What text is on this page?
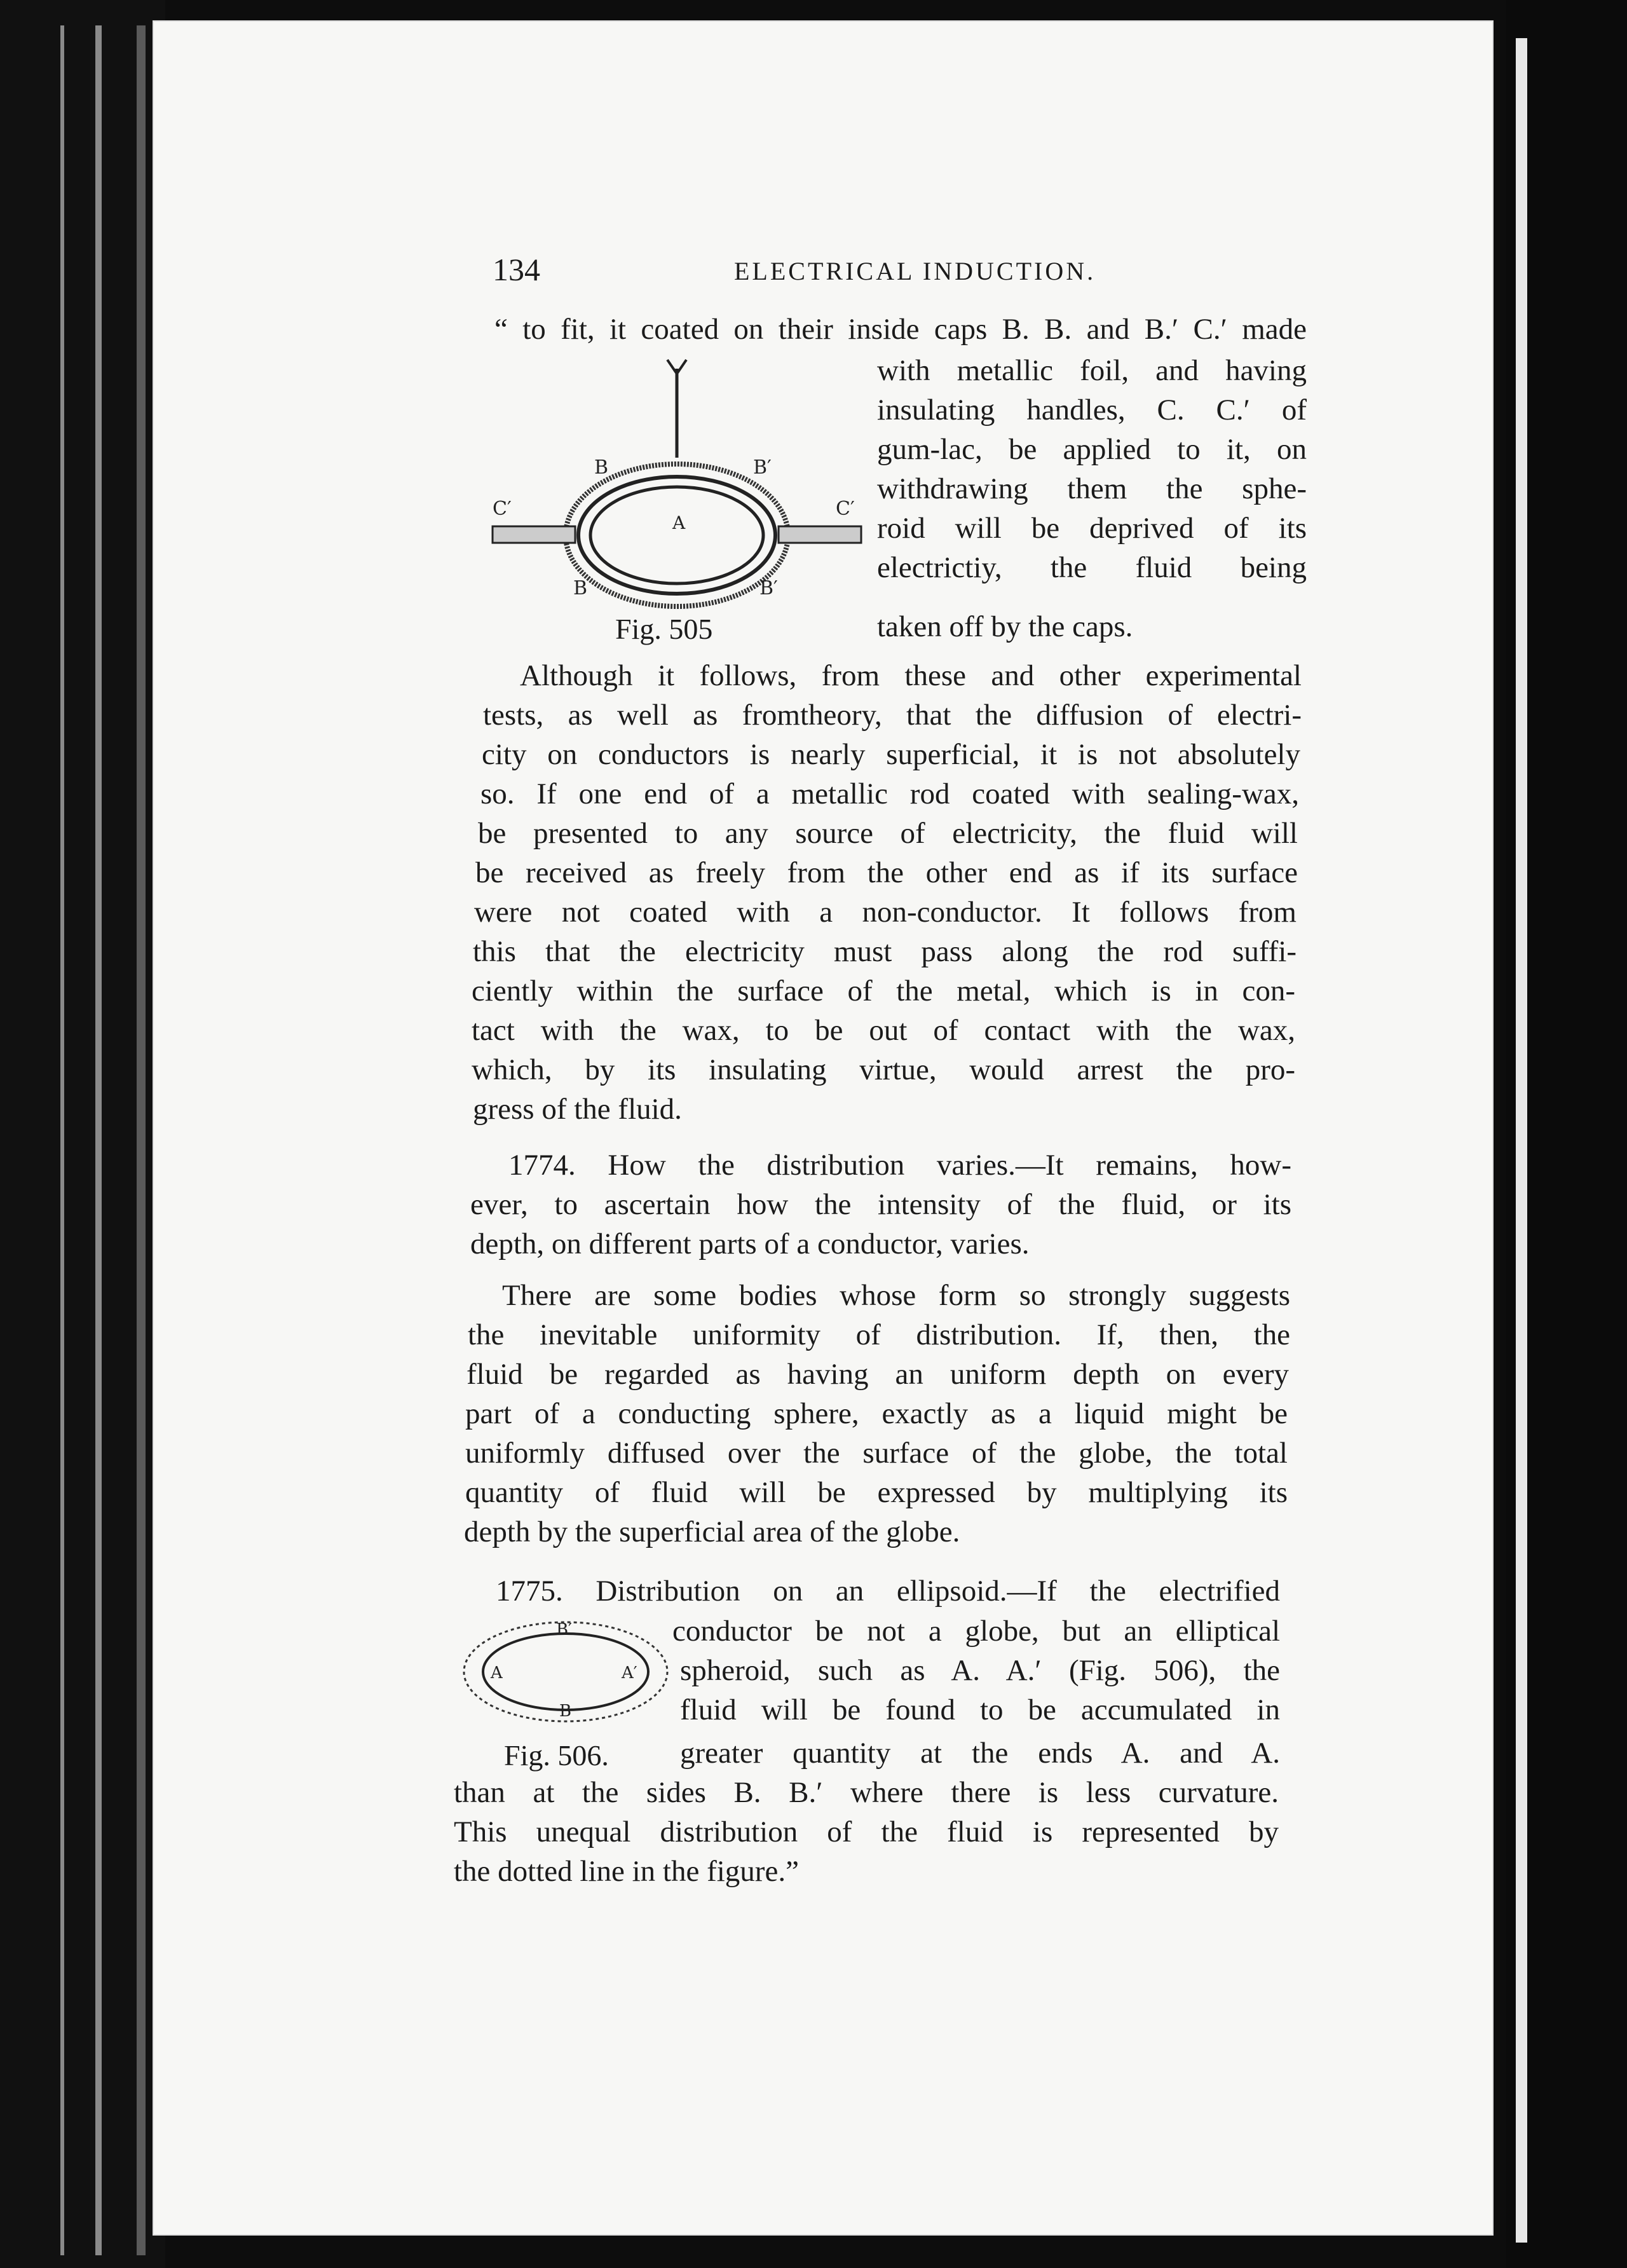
134	ELECTRICAL INDUCTION.
B	B′
C′	C′
A
B	B′
Fig. 505
B′
A	A′
B
Fig. 506.
“ to fit, it coated on their inside caps B. B. and B.′ C.′ made
with metallic foil, and having
insulating handles, C. C.′ of
gum-lac, be applied to it, on
withdrawing them the sphe-
roid will be deprived of its
electrictiy, the fluid being
taken off by the caps.
Although it follows, from these and other experimental
tests, as well as fromtheory, that the diffusion of electri-
city on conductors is nearly superficial, it is not absolutely
so. If one end of a metallic rod coated with sealing-wax,
be presented to any source of electricity, the fluid will
be received as freely from the other end as if its surface
were not coated with a non-conductor. It follows from
this that the electricity must pass along the rod suffi-
ciently within the surface of the metal, which is in con-
tact with the wax, to be out of contact with the wax,
which, by its insulating virtue, would arrest the pro-
gress of the fluid.
1774. How the distribution varies.—It remains, how-
ever, to ascertain how the intensity of the fluid, or its
depth, on different parts of a conductor, varies.
There are some bodies whose form so strongly suggests
the inevitable uniformity of distribution. If, then, the
fluid be regarded as having an uniform depth on every
part of a conducting sphere, exactly as a liquid might be
uniformly diffused over the surface of the globe, the total
quantity of fluid will be expressed by multiplying its
depth by the superficial area of the globe.
1775. Distribution on an ellipsoid.—If the electrified
conductor be not a globe, but an elliptical
spheroid, such as A. A.′ (Fig. 506), the
fluid will be found to be accumulated in
greater quantity at the ends A. and A.
than at the sides B. B.′ where there is less curvature.
This unequal distribution of the fluid is represented by
the dotted line in the figure.”
